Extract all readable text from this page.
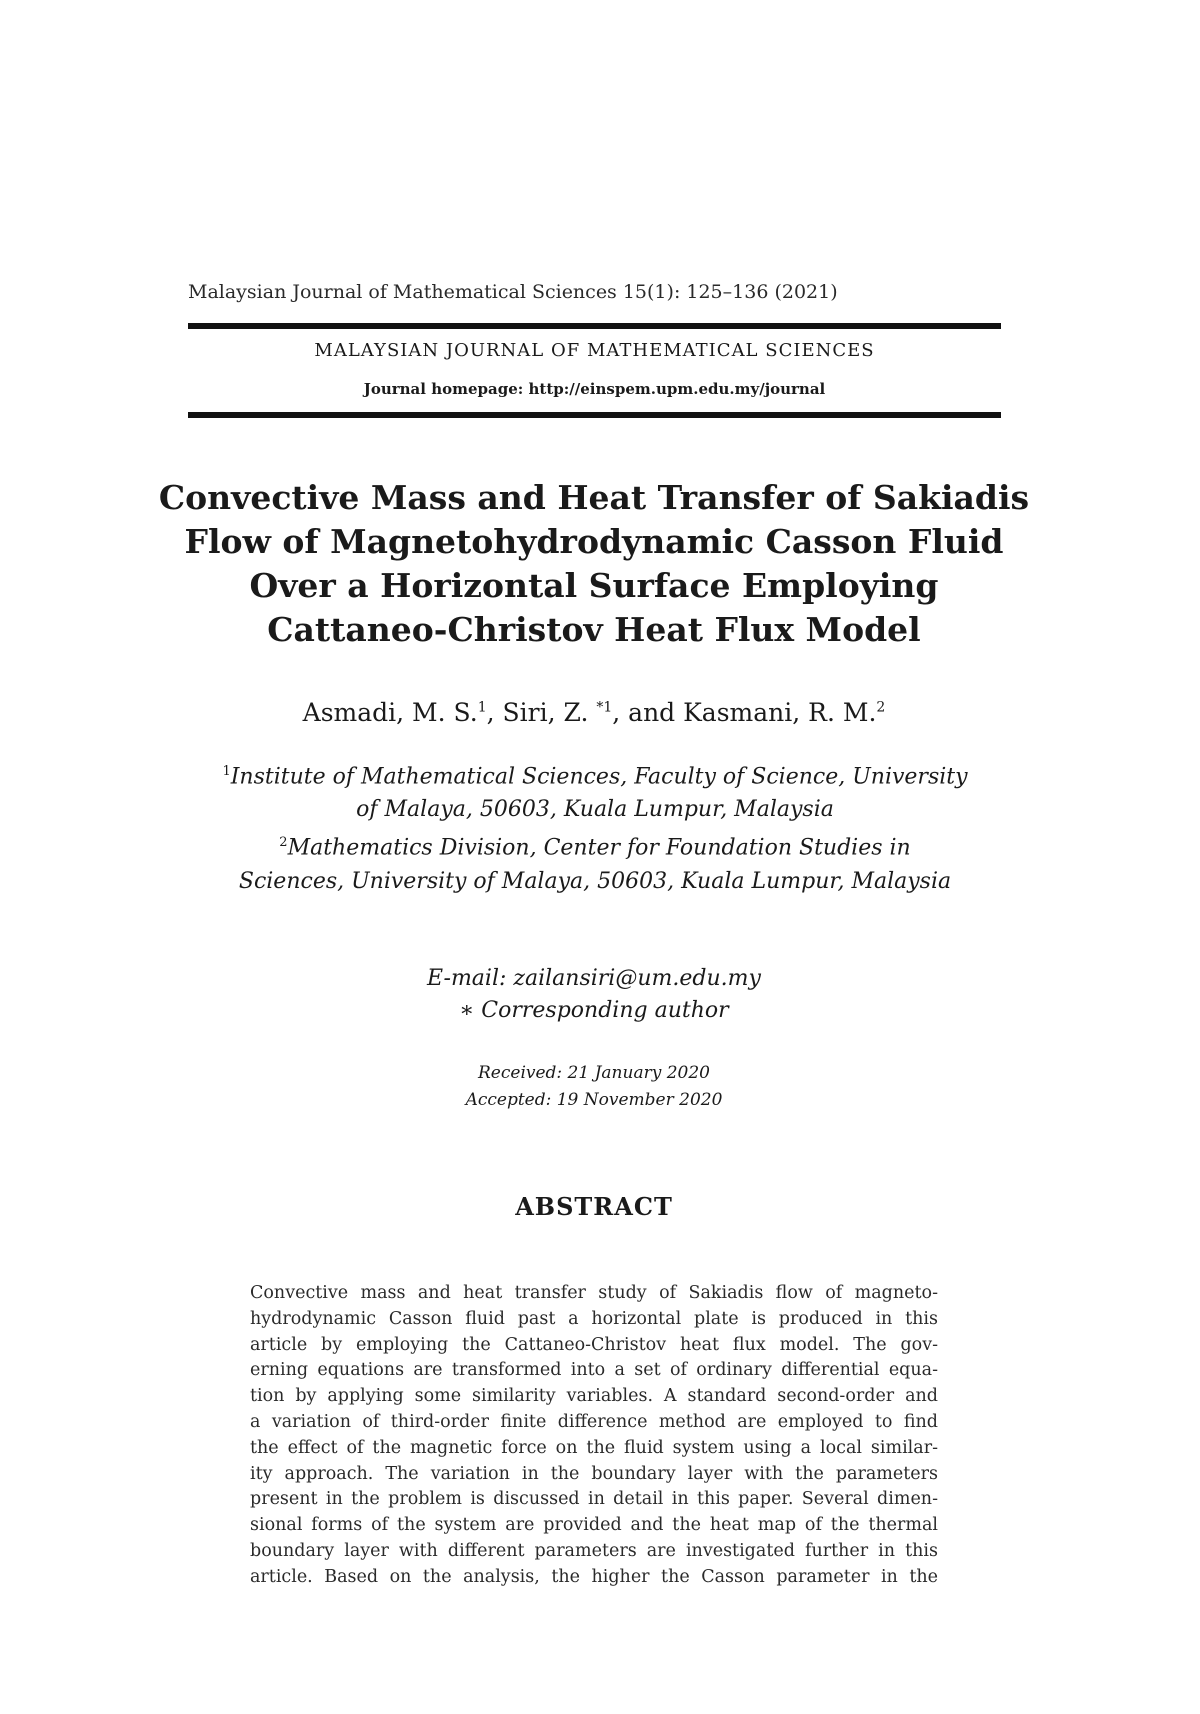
Malaysian Journal of Mathematical Sciences 15(1): 125–136 (2021)
MALAYSIAN JOURNAL OF MATHEMATICAL SCIENCES
Journal homepage: http://einspem.upm.edu.my/journal
Convective Mass and Heat Transfer of Sakiadis
Flow of Magnetohydrodynamic Casson Fluid
Over a Horizontal Surface Employing
Cattaneo-Christov Heat Flux Model
Asmadi, M. S.$^1$, Siri, Z. $^{*1}$, and Kasmani, R. M.$^2$
$^1$Institute of Mathematical Sciences, Faculty of Science, University
of Malaya, 50603, Kuala Lumpur, Malaysia
$^2$Mathematics Division, Center for Foundation Studies in
Sciences, University of Malaya, 50603, Kuala Lumpur, Malaysia
E-mail: zailansiri@um.edu.my
∗ Corresponding author
Received: 21 January 2020
Accepted: 19 November 2020
ABSTRACT
Convective mass and heat transfer study of Sakiadis flow of magneto-
hydrodynamic Casson fluid past a horizontal plate is produced in this
article by employing the Cattaneo-Christov heat flux model. The gov-
erning equations are transformed into a set of ordinary differential equa-
tion by applying some similarity variables. A standard second-order and
a variation of third-order finite difference method are employed to find
the effect of the magnetic force on the fluid system using a local similar-
ity approach. The variation in the boundary layer with the parameters
present in the problem is discussed in detail in this paper. Several dimen-
sional forms of the system are provided and the heat map of the thermal
boundary layer with different parameters are investigated further in this
article. Based on the analysis, the higher the Casson parameter in the
